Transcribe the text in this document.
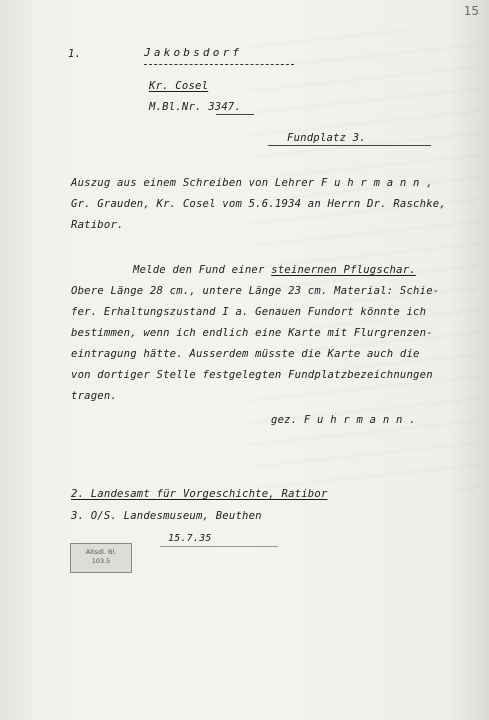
15
1.	Jakobsdorf
Kr. Cosel
M.Bl.Nr. 3347.
Fundplatz 3.
Auszug aus einem Schreiben von Lehrer F u h r m a n n ,
Gr. Grauden, Kr. Cosel vom 5.6.1934 an Herrn Dr. Raschke,
Ratibor.
Melde den Fund einer steinernen Pflugschar.
Obere Länge 28 cm., untere Länge 23 cm. Material: Schie-
fer. Erhaltungszustand I a. Genauen Fundort könnte ich
bestimmen, wenn ich endlich eine Karte mit Flurgrenzen-
eintragung hätte. Ausserdem müsste die Karte auch die
von dortiger Stelle festgelegten Fundplatzbezeichnungen
tragen.
gez. F u h r m a n n .
2. Landesamt für Vorgeschichte, Ratibor
3. O/S. Landesmuseum, Beuthen
15.7.35
Altsdl. Bl.
103.5
